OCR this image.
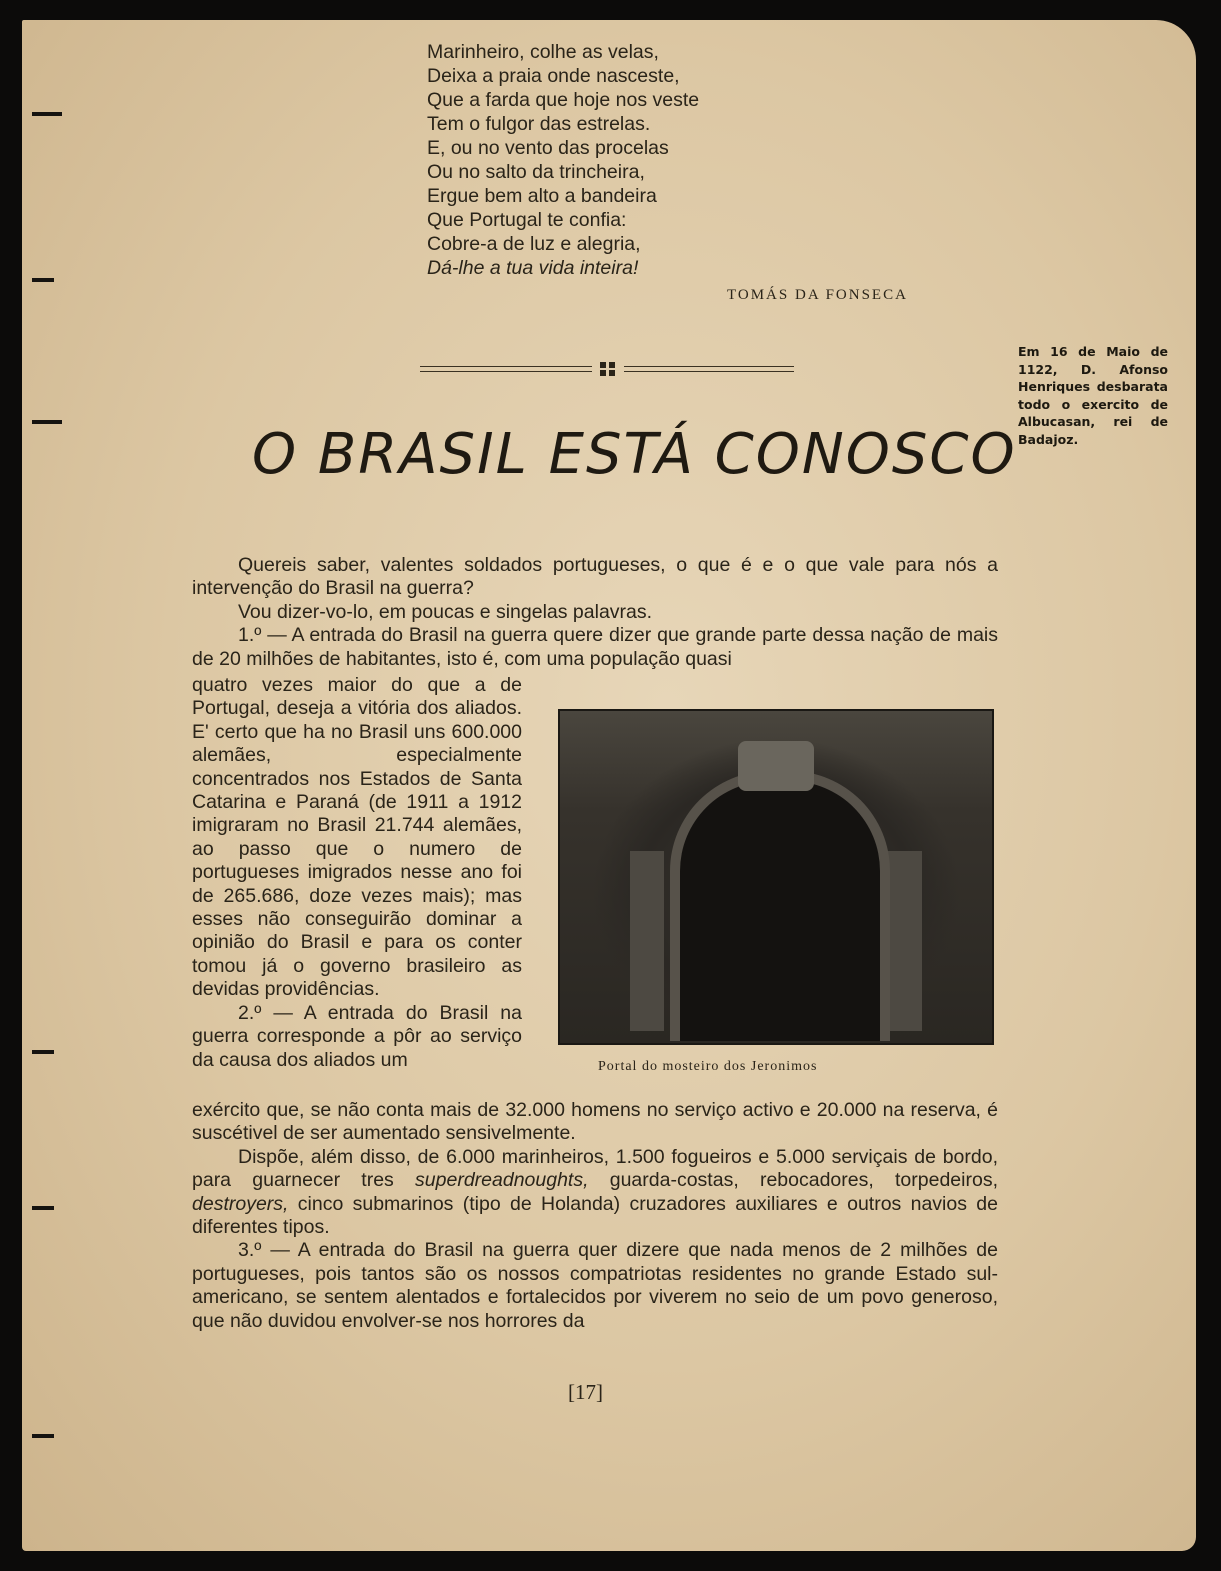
Marinheiro, colhe as velas,
Deixa a praia onde nasceste,
Que a farda que hoje nos veste
Tem o fulgor das estrelas.
E, ou no vento das procelas
Ou no salto da trincheira,
Ergue bem alto a bandeira
Que Portugal te confia:
Cobre-a de luz e alegria,
Dá-lhe a tua vida inteira!
TOMÁS DA FONSECA
O BRASIL ESTÁ CONOSCO
Em 16 de Maio de 1122, D. Afonso Henriques desbarata todo o exercito de Albucasan, rei de Badajoz.

Quereis saber, valentes soldados portugueses, o que é e o que vale para nós a intervenção do Brasil na guerra?

Vou dizer-vo-lo, em poucas e singelas palavras.

1.º — A entrada do Brasil na guerra quere dizer que grande parte dessa nação de mais de 20 milhões de habitantes, isto é, com uma população quasi

quatro vezes maior do que a de Portugal, deseja a vitória dos aliados. E' certo que ha no Brasil uns 600.000 alemães, especialmente concentrados nos Estados de Santa Catarina e Paraná (de 1911 a 1912 imigraram no Brasil 21.744 alemães, ao passo que o numero de portugueses imigrados nesse ano foi de 265.686, doze vezes mais); mas esses não conseguirão dominar a opinião do Brasil e para os conter tomou já o governo brasileiro as devidas providências.

2.º — A entrada do Brasil na guerra corresponde a pôr ao serviço da causa dos aliados um	Portal do mosteiro dos Jeronimos

exército que, se não conta mais de 32.000 homens no serviço activo e 20.000 na reserva, é suscétivel de ser aumentado sensivelmente.

Dispõe, além disso, de 6.000 marinheiros, 1.500 fogueiros e 5.000 serviçais de bordo, para guarnecer tres superdreadnoughts, guarda-costas, rebocadores, torpedeiros, destroyers, cinco submarinos (tipo de Holanda) cruzadores auxiliares e outros navios de diferentes tipos.

3.º — A entrada do Brasil na guerra quer dizere que nada menos de 2 milhões de portugueses, pois tantos são os nossos compatriotas residentes no grande Estado sul-americano, se sentem alentados e fortalecidos por viverem no seio de um povo generoso, que não duvidou envolver-se nos horrores da

[17]
